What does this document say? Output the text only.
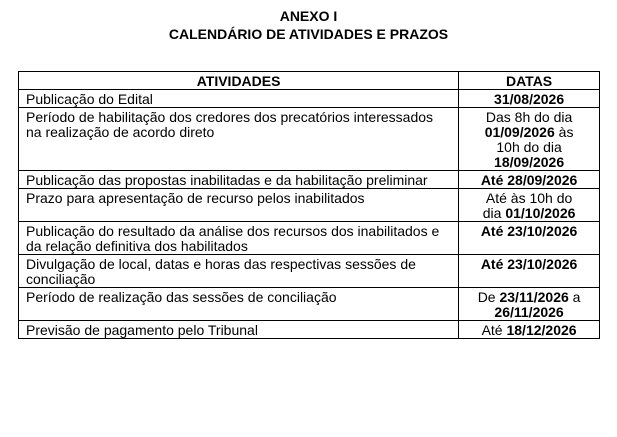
ANEXO I
CALENDÁRIO DE ATIVIDADES E PRAZOS
ATIVIDADES	DATAS
Publicação do Edital	31/08/2026
Período de habilitação dos credores dos precatórios interessados na realização de acordo direto	Das 8h do dia
01/09/2026 às
10h do dia
18/09/2026
Publicação das propostas inabilitadas e da habilitação preliminar	Até 28/09/2026
Prazo para apresentação de recurso pelos inabilitados	Até às 10h do
dia 01/10/2026
Publicação do resultado da análise dos recursos dos inabilitados e da relação definitiva dos habilitados	Até 23/10/2026
Divulgação de local, datas e horas das respectivas sessões de conciliação	Até 23/10/2026
Período de realização das sessões de conciliação	De 23/11/2026 a
26/11/2026
Previsão de pagamento pelo Tribunal	Até 18/12/2026
